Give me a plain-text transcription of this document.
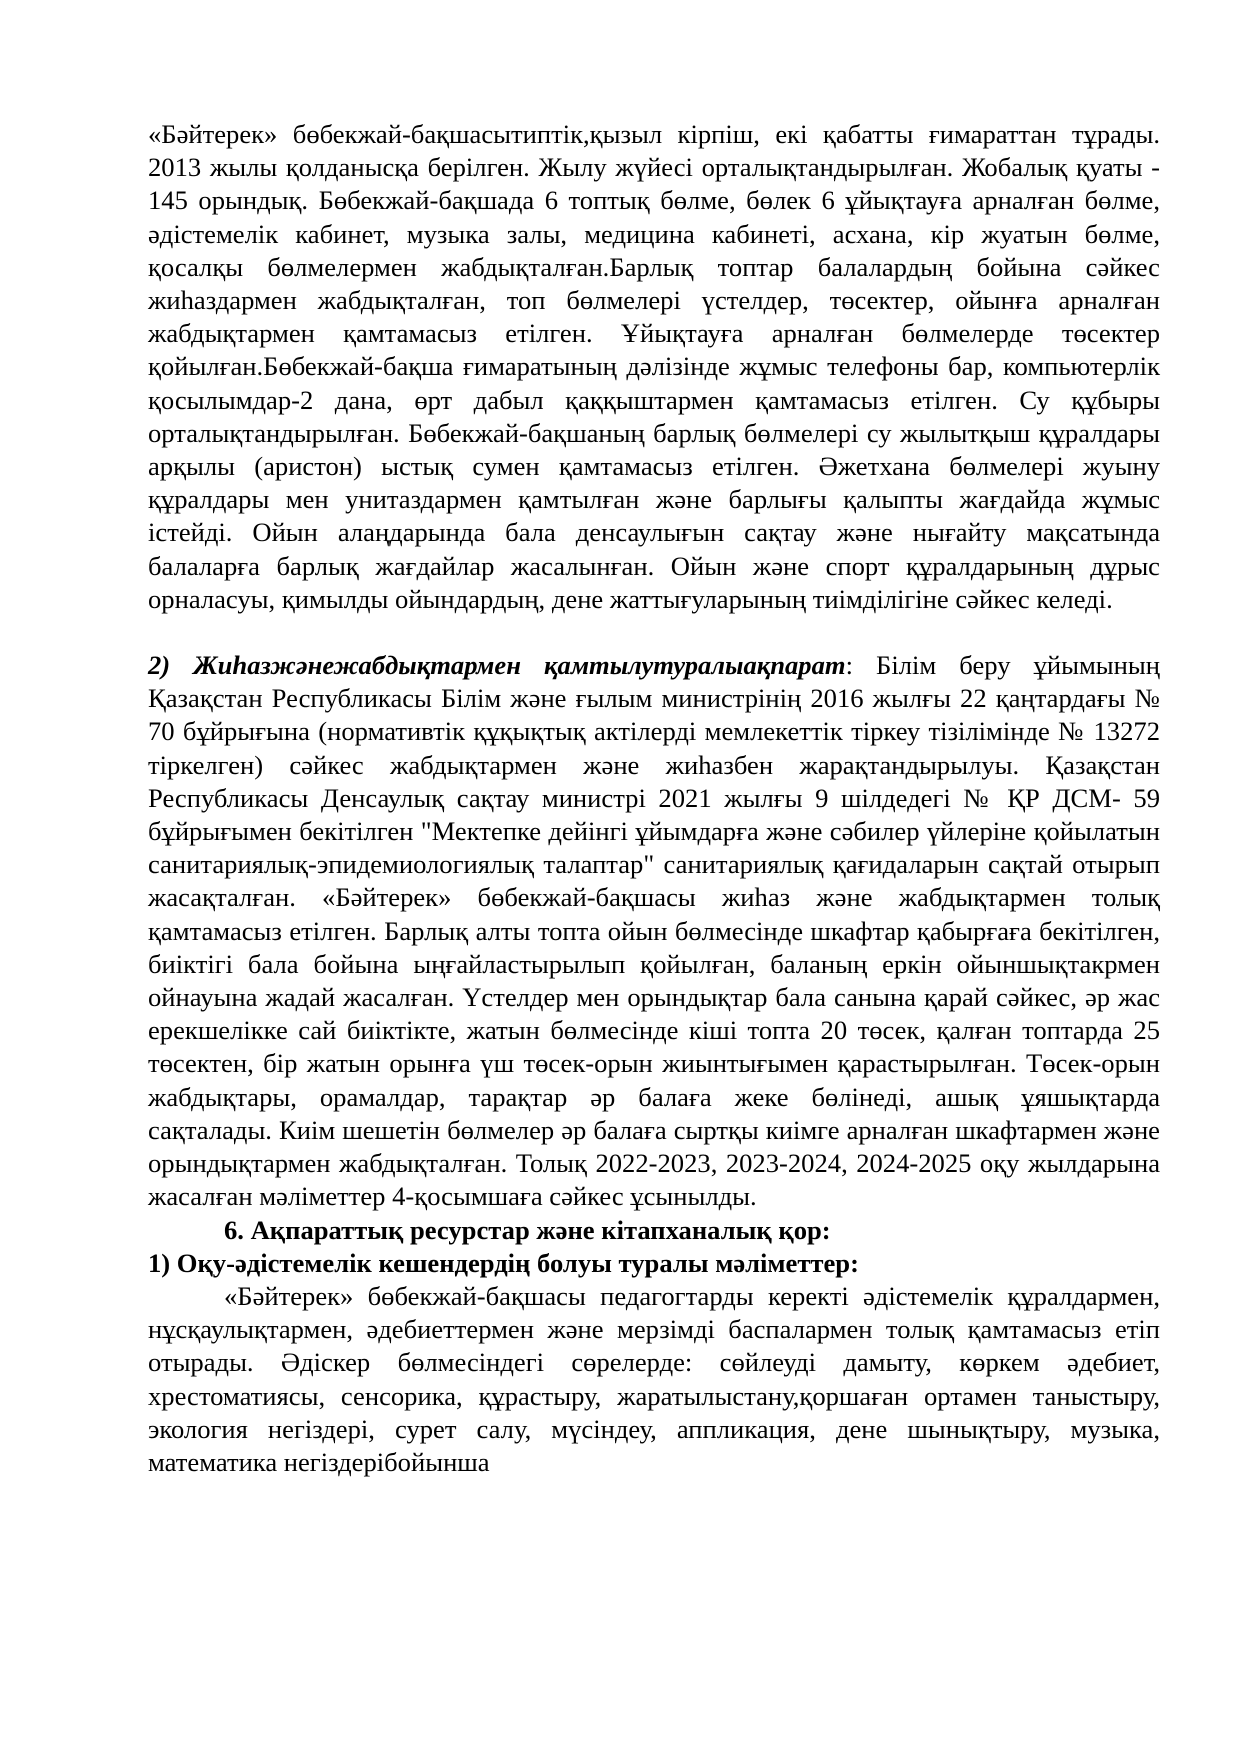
«Бәйтерек» бөбекжай-бақшасытиптік,қызыл кірпіш, екі қабатты ғимараттан тұрады. 2013 жылы қолданысқа берілген. Жылу жүйесі орталықтандырылған. Жобалық қуаты - 145 орындық. Бөбекжай-бақшада 6 топтық бөлме, бөлек 6 ұйықтауға арналған бөлме, әдістемелік кабинет, музыка залы, медицина кабинеті, асхана, кір жуатын бөлме, қосалқы бөлмелермен жабдықталған.Барлық топтар балалардың бойына сәйкес жиһаздармен жабдықталған, топ бөлмелері үстелдер, төсектер, ойынға арналған жабдықтармен қамтамасыз етілген. Ұйықтауға арналған бөлмелерде төсектер қойылған.Бөбекжай-бақша ғимаратының дәлізінде жұмыс телефоны бар, компьютерлік қосылымдар-2 дана, өрт дабыл қаққыштармен қамтамасыз етілген. Су құбыры орталықтандырылған. Бөбекжай-бақшаның барлық бөлмелері су жылытқыш құралдары арқылы (аристон) ыстық сумен қамтамасыз етілген. Әжетхана бөлмелері жуыну құралдары мен унитаздармен қамтылған және барлығы қалыпты жағдайда жұмыс істейді. Ойын алаңдарында бала денсаулығын сақтау және нығайту мақсатында балаларға барлық жағдайлар жасалынған. Ойын және спорт құралдарының дұрыс орналасуы, қимылды ойындардың, дене жаттығуларының тиімділігіне сәйкес келеді.

2) Жиһазжәнежабдықтармен қамтылутуралыақпарат: Білім беру ұйымының Қазақстан Республикасы Білім және ғылым министрінің 2016 жылғы 22 қаңтардағы № 70 бұйрығына (нормативтік құқықтық актілерді мемлекеттік тіркеу тізілімінде № 13272 тіркелген) сәйкес жабдықтармен және жиһазбен жарақтандырылуы. Қазақстан Республикасы Денсаулық сақтау министрі 2021 жылғы 9 шілдедегі № ҚР ДСМ- 59 бұйрығымен бекітілген "Мектепке дейінгі ұйымдарға және сәбилер үйлеріне қойылатын санитариялық-эпидемиологиялық талаптар" санитариялық қағидаларын сақтай отырып жасақталған. «Бәйтерек» бөбекжай-бақшасы жиһаз және жабдықтармен толық қамтамасыз етілген. Барлық алты топта ойын бөлмесінде шкафтар қабырғаға бекітілген, биіктігі бала бойына ыңғайластырылып қойылған, баланың еркін ойыншықтакрмен ойнауына жадай жасалған. Үстелдер мен орындықтар бала санына қарай сәйкес, әр жас ерекшелікке сай биіктікте, жатын бөлмесінде кіші топта 20 төсек, қалған топтарда 25 төсектен, бір жатын орынға үш төсек-орын жиынтығымен қарастырылған. Төсек-орын жабдықтары, орамалдар, тарақтар әр балаға жеке бөлінеді, ашық ұяшықтарда сақталады. Киім шешетін бөлмелер әр балаға сыртқы киімге арналған шкафтармен және орындықтармен жабдықталған. Толық 2022-2023, 2023-2024, 2024-2025 оқу жылдарына жасалған мәліметтер 4-қосымшаға сәйкес ұсынылды.

6. Ақпараттық ресурстар және кітапханалық қор:

1) Оқу-әдістемелік кешендердің болуы туралы мәліметтер:

«Бәйтерек» бөбекжай-бақшасы педагогтарды керекті әдістемелік құралдармен, нұсқаулықтармен, әдебиеттермен және мерзімді баспалармен толық қамтамасыз етіп отырады. Әдіскер бөлмесіндегі сөрелерде: сөйлеуді дамыту, көркем әдебиет, хрестоматиясы, сенсорика, құрастыру, жаратылыстану,қоршаған ортамен таныстыру, экология негіздері, сурет салу, мүсіндеу, аппликация, дене шынықтыру, музыка, математика негіздерібойынша
